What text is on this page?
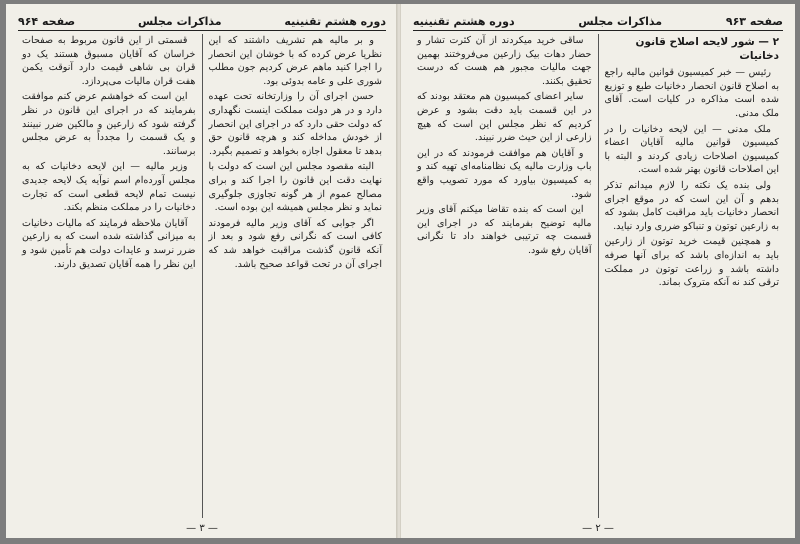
دوره هشتم تقنینیه
مذاکرات مجلس
صفحه ۹۶۴

و بر مالیه هم تشریف داشتند که این نظریا عرض کرده که با خوشان این انحصار را اجرا کنید ماهم عرض کردیم جون مطلب شوری علی و عامه بدوئی بود.

حسن اجرای آن را وزارتخانه تحت عهده دارد و در هر دولت مملکت اینست نگهداری که دولت حقی دارد که در اجرای این انحصار از خودش مداخله کند و هرچه قانون حق بدهد تا معقول اجازه بخواهد و تصمیم بگیرد.

البته مقصود مجلس این است که دولت با نهایت دقت این قانون را اجرا کند و برای مصالح عموم از هر گونه تجاوزی جلوگیری نماید و نظر مجلس همیشه این بوده است.

اگر جوابی که آقای وزیر مالیه فرمودند کافی است که نگرانی رفع شود و بعد از آنکه قانون گذشت مراقبت خواهد شد که اجرای آن در تحت قواعد صحیح باشد.

قسمتی از این قانون مربوط به صفحات خراسان که آقایان مسبوق هستند یک دو قران بی شاهی قیمت دارد آنوقت یکمن هفت قران مالیات می‌پردازد.

این است که خواهشم عرض کنم موافقت بفرمایند که در اجرای این قانون در نظر گرفته شود که زارعین و مالکین ضرر نبینند و یک قسمت را مجدداً به عرض مجلس برسانند.

وزیر مالیه — این لایحه دخانیات که به مجلس آورده‌ام اسم نوآیه یک لایحه جدیدی نیست تمام لایحه قطعی است که تجارت دخانیات را در مملکت منظم بکند.

آقایان ملاحظه فرمایند که مالیات دخانیات به میزانی گذاشته شده است که به زارعین ضرر نرسد و عایدات دولت هم تأمین شود و این نظر را همه آقایان تصدیق دارند.

— ۳ —
صفحه ۹۶۳
مذاکرات مجلس
دوره هشتم تقنینیه
۲ — شور لایحه اصلاح قانون دخانیات

رئیس — خبر کمیسیون قوانین مالیه راجع به اصلاح قانون انحصار دخانیات طبع و توزیع شده است مذاکره در کلیات است. آقای ملک مدنی.

ملک مدنی — این لایحه دخانیات را در کمیسیون قوانین مالیه آقایان اعضاء کمیسیون اصلاحات زیادی کردند و البته با این اصلاحات قانون بهتر شده است.

ولی بنده یک نکته را لازم میدانم تذکر بدهم و آن این است که در موقع اجرای انحصار دخانیات باید مراقبت کامل بشود که به زارعین توتون و تنباکو ضرری وارد نیاید.

و همچنین قیمت خرید توتون از زارعین باید به اندازه‌ای باشد که برای آنها صرفه داشته باشد و زراعت توتون در مملکت ترقی کند نه آنکه متروک بماند.

ساقی خرید میکردند از آن کثرت تشار و حضار دهات بیک زارعین می‌فروختند بهمین جهت مالیات مجبور هم هست که درست تحقیق بکنند.

سایر اعضای کمیسیون هم معتقد بودند که در این قسمت باید دقت بشود و عرض کردیم که نظر مجلس این است که هیچ زارعی از این حیث ضرر نبیند.

و آقایان هم موافقت فرمودند که در این باب وزارت مالیه یک نظامنامه‌ای تهیه کند و به کمیسیون بیاورد که مورد تصویب واقع شود.

این است که بنده تقاضا میکنم آقای وزیر مالیه توضیح بفرمایند که در اجرای این قسمت چه ترتیبی خواهند داد تا نگرانی آقایان رفع شود.

— ۲ —
